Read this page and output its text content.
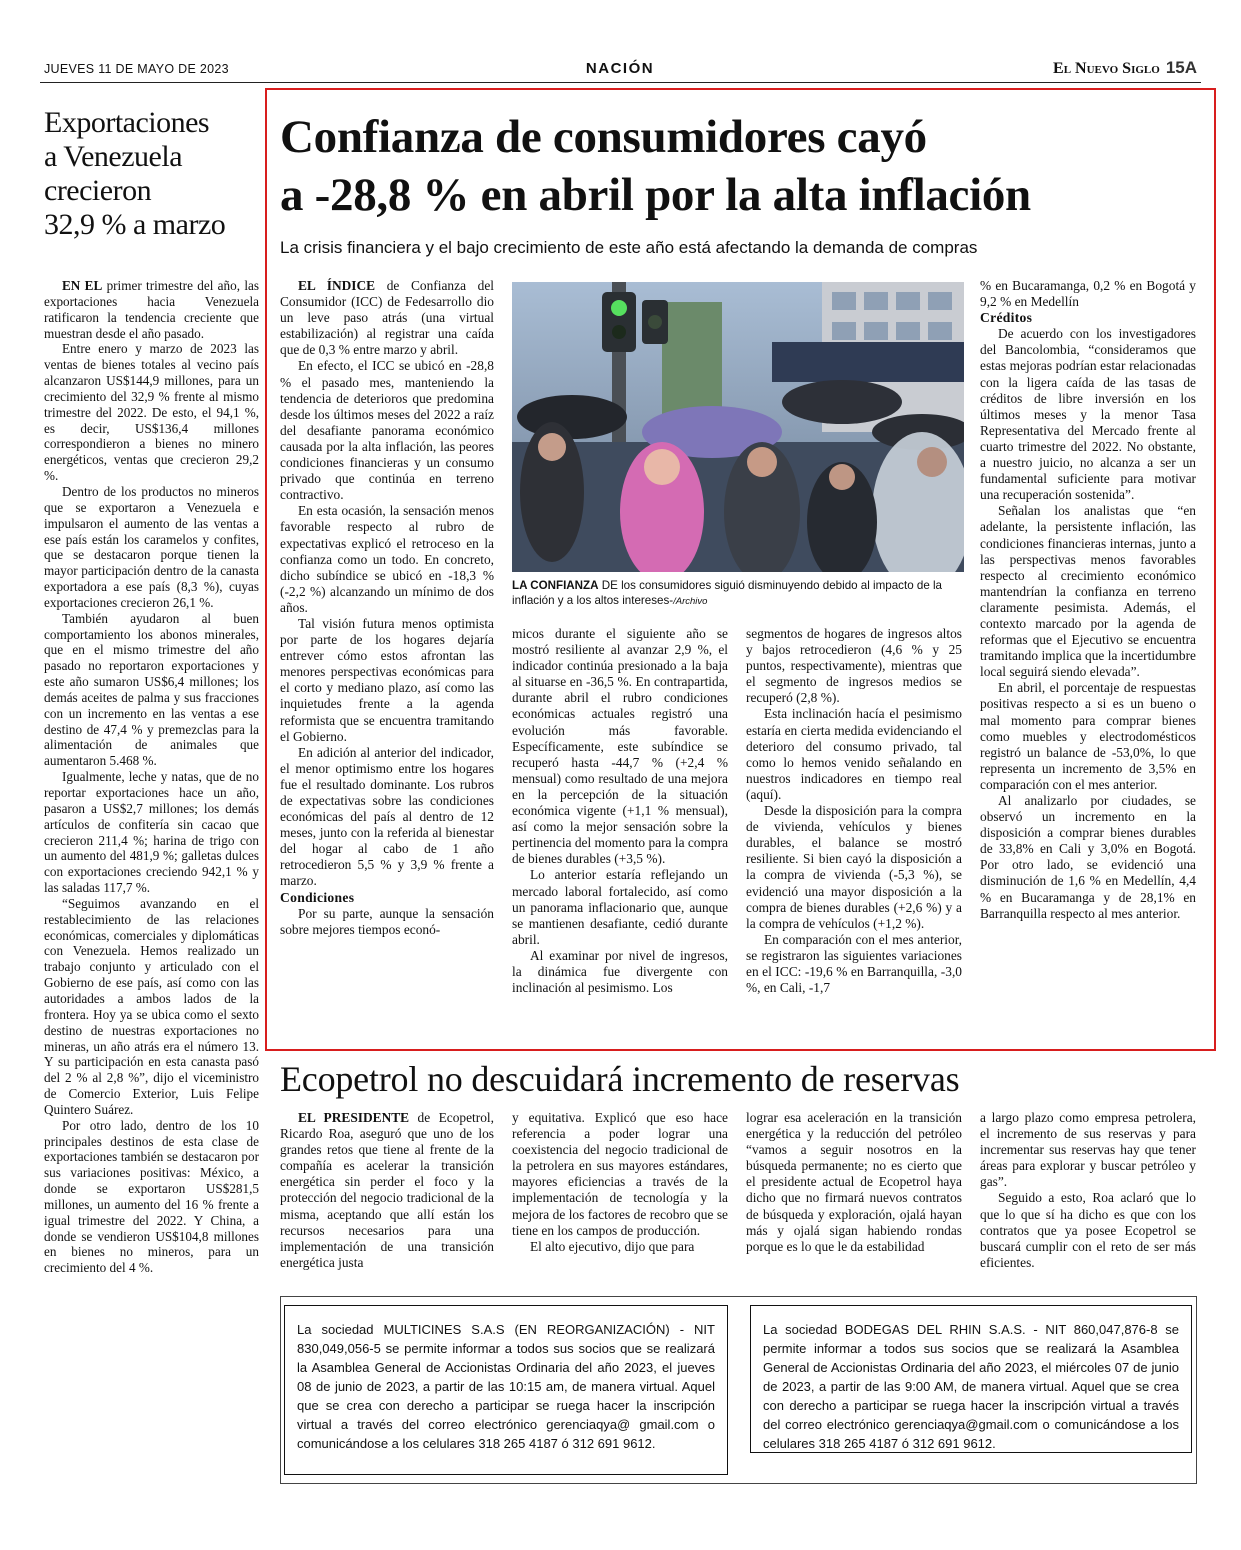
JUEVES 11 DE MAYO DE 2023	NACIÓN	El Nuevo Siglo 15A
Exportaciones
a Venezuela
crecieron
32,9 % a marzo

EN EL primer trimestre del año, las exportaciones hacia Venezuela ratificaron la tendencia creciente que muestran desde el año pasado.

Entre enero y marzo de 2023 las ventas de bienes totales al vecino país alcanzaron US$144,9 millones, para un crecimiento del 32,9 % frente al mismo trimestre del 2022. De esto, el 94,1 %, es decir, US$136,4 millones correspondieron a bienes no minero energéticos, ventas que crecieron 29,2 %.

Dentro de los productos no mineros que se exportaron a Venezuela e impulsaron el aumento de las ventas a ese país están los caramelos y confites, que se destacaron porque tienen la mayor participación dentro de la canasta exportadora a ese país (8,3 %), cuyas exportaciones crecieron 26,1 %.

También ayudaron al buen comportamiento los abonos minerales, que en el mismo trimestre del año pasado no reportaron exportaciones y este año sumaron US$6,4 millones; los demás aceites de palma y sus fracciones con un incremento en las ventas a ese destino de 47,4 % y premezclas para la alimentación de animales que aumentaron 5.468 %.

Igualmente, leche y natas, que de no reportar exportaciones hace un año, pasaron a US$2,7 millones; los demás artículos de confitería sin cacao que crecieron 211,4 %; harina de trigo con un aumento del 481,9 %; galletas dulces con exportaciones creciendo 942,1 % y las saladas 117,7 %.

“Seguimos avanzando en el restablecimiento de las relaciones económicas, comerciales y diplomáticas con Venezuela. Hemos realizado un trabajo conjunto y articulado con el Gobierno de ese país, así como con las autoridades a ambos lados de la frontera. Hoy ya se ubica como el sexto destino de nuestras exportaciones no mineras, un año atrás era el número 13. Y su participación en esta canasta pasó del 2 % al 2,8 %”, dijo el viceministro de Comercio Exterior, Luis Felipe Quintero Suárez.

Por otro lado, dentro de los 10 principales destinos de esta clase de exportaciones también se destacaron por sus variaciones positivas: México, a donde se exportaron US$281,5 millones, un aumento del 16 % frente a igual trimestre del 2022. Y China, a donde se vendieron US$104,8 millones en bienes no mineros, para un crecimiento del 4 %.

Confianza de consumidores cayó
a -28,8 % en abril por la alta inflación
La crisis financiera y el bajo crecimiento de este año está afectando la demanda de compras

EL ÍNDICE de Confianza del Consumidor (ICC) de Fedesarrollo dio un leve paso atrás (una virtual estabilización) al registrar una caída que de 0,3 % entre marzo y abril.

En efecto, el ICC se ubicó en -28,8 % el pasado mes, manteniendo la tendencia de deterioros que predomina desde los últimos meses del 2022 a raíz del desafiante panorama económico causada por la alta inflación, las peores condiciones financieras y un consumo privado que continúa en terreno contractivo.

En esta ocasión, la sensación menos favorable respecto al rubro de expectativas explicó el retroceso en la confianza como un todo. En concreto, dicho subíndice se ubicó en -18,3 % (-2,2 %) alcanzando un mínimo de dos años.

Tal visión futura menos optimista por parte de los hogares dejaría entrever cómo estos afrontan las menores perspectivas económicas para el corto y mediano plazo, así como las inquietudes frente a la agenda reformista que se encuentra tramitando el Gobierno.

En adición al anterior del indicador, el menor optimismo entre los hogares fue el resultado dominante. Los rubros de expectativas sobre las condiciones económicas del país al dentro de 12 meses, junto con la referida al bienestar del hogar al cabo de 1 año retrocedieron 5,5 % y 3,9 % frente a marzo.

Condiciones

Por su parte, aunque la sensación sobre mejores tiempos econó-

LA CONFIANZA DE los consumidores siguió disminuyendo debido al impacto de la inflación y a los altos intereses-/Archivo

micos durante el siguiente año se mostró resiliente al avanzar 2,9 %, el indicador continúa presionado a la baja al situarse en -36,5 %. En contrapartida, durante abril el rubro condiciones económicas actuales registró una evolución más favorable. Específicamente, este subíndice se recuperó hasta -44,7 % (+2,4 % mensual) como resultado de una mejora en la percepción de la situación económica vigente (+1,1 % mensual), así como la mejor sensación sobre la pertinencia del momento para la compra de bienes durables (+3,5 %).

Lo anterior estaría reflejando un mercado laboral fortalecido, así como un panorama inflacionario que, aunque se mantienen desafiante, cedió durante abril.

Al examinar por nivel de ingresos, la dinámica fue divergente con inclinación al pesimismo. Los

segmentos de hogares de ingresos altos y bajos retrocedieron (4,6 % y 25 puntos, respectivamente), mientras que el segmento de ingresos medios se recuperó (2,8 %).

Esta inclinación hacía el pesimismo estaría en cierta medida evidenciando el deterioro del consumo privado, tal como lo hemos venido señalando en nuestros indicadores en tiempo real (aquí).

Desde la disposición para la compra de vivienda, vehículos y bienes durables, el balance se mostró resiliente. Si bien cayó la disposición a la compra de vivienda (-5,3 %), se evidenció una mayor disposición a la compra de bienes durables (+2,6 %) y a la compra de vehículos (+1,2 %).

En comparación con el mes anterior, se registraron las siguientes variaciones en el ICC: -19,6 % en Barranquilla, -3,0 %, en Cali, -1,7

% en Bucaramanga, 0,2 % en Bogotá y 9,2 % en Medellín

Créditos

De acuerdo con los investigadores del Bancolombia, “consideramos que estas mejoras podrían estar relacionadas con la ligera caída de las tasas de créditos de libre inversión en los últimos meses y la menor Tasa Representativa del Mercado frente al cuarto trimestre del 2022. No obstante, a nuestro juicio, no alcanza a ser un fundamental suficiente para motivar una recuperación sostenida”.

Señalan los analistas que “en adelante, la persistente inflación, las condiciones financieras internas, junto a las perspectivas menos favorables respecto al crecimiento económico mantendrían la confianza en terreno claramente pesimista. Además, el contexto marcado por la agenda de reformas que el Ejecutivo se encuentra tramitando implica que la incertidumbre local seguirá siendo elevada”.

En abril, el porcentaje de respuestas positivas respecto a si es un bueno o mal momento para comprar bienes como muebles y electrodomésticos registró un balance de -53,0%, lo que representa un incremento de 3,5% en comparación con el mes anterior.

Al analizarlo por ciudades, se observó un incremento en la disposición a comprar bienes durables de 33,8% en Cali y 3,0% en Bogotá. Por otro lado, se evidenció una disminución de 1,6 % en Medellín, 4,4 % en Bucaramanga y de 28,1% en Barranquilla respecto al mes anterior.

Ecopetrol no descuidará incremento de reservas

EL PRESIDENTE de Ecopetrol, Ricardo Roa, aseguró que uno de los grandes retos que tiene al frente de la compañía es acelerar la transición energética sin perder el foco y la protección del negocio tradicional de la misma, aceptando que allí están los recursos necesarios para una implementación de una transición energética justa

y equitativa. Explicó que eso hace referencia a poder lograr una coexistencia del negocio tradicional de la petrolera en sus mayores estándares, mayores eficiencias a través de la implementación de tecnología y la mejora de los factores de recobro que se tiene en los campos de producción.

El alto ejecutivo, dijo que para

lograr esa aceleración en la transición energética y la reducción del petróleo “vamos a seguir nosotros en la búsqueda permanente; no es cierto que el presidente actual de Ecopetrol haya dicho que no firmará nuevos contratos de búsqueda y exploración, ojalá hayan más y ojalá sigan habiendo rondas porque es lo que le da estabilidad

a largo plazo como empresa petrolera, el incremento de sus reservas y para incrementar sus reservas hay que tener áreas para explorar y buscar petróleo y gas”.

Seguido a esto, Roa aclaró que lo que lo que sí ha dicho es que con los contratos que ya posee Ecopetrol se buscará cumplir con el reto de ser más eficientes.

La sociedad MULTICINES S.A.S (EN REORGANIZACIÓN) - NIT 830,049,056-5 se permite informar a todos sus socios que se realizará la Asamblea General de Accionistas Ordinaria del año 2023, el jueves 08 de junio de 2023, a partir de las 10:15 am, de manera virtual. Aquel que se crea con derecho a participar se ruega hacer la inscripción virtual a través del correo electrónico gerenciaqya@ gmail.com o comunicándose a los celulares 318 265 4187 ó 312 691 9612.
La sociedad BODEGAS DEL RHIN S.A.S. - NIT 860,047,876-8 se permite informar a todos sus socios que se realizará la Asamblea General de Accionistas Ordinaria del año 2023, el miércoles 07 de junio de 2023, a partir de las 9:00 AM, de manera virtual. Aquel que se crea con derecho a participar se ruega hacer la inscripción virtual a través del correo electrónico gerenciaqya@gmail.com o comunicándose a los celulares 318 265 4187 ó 312 691 9612.
